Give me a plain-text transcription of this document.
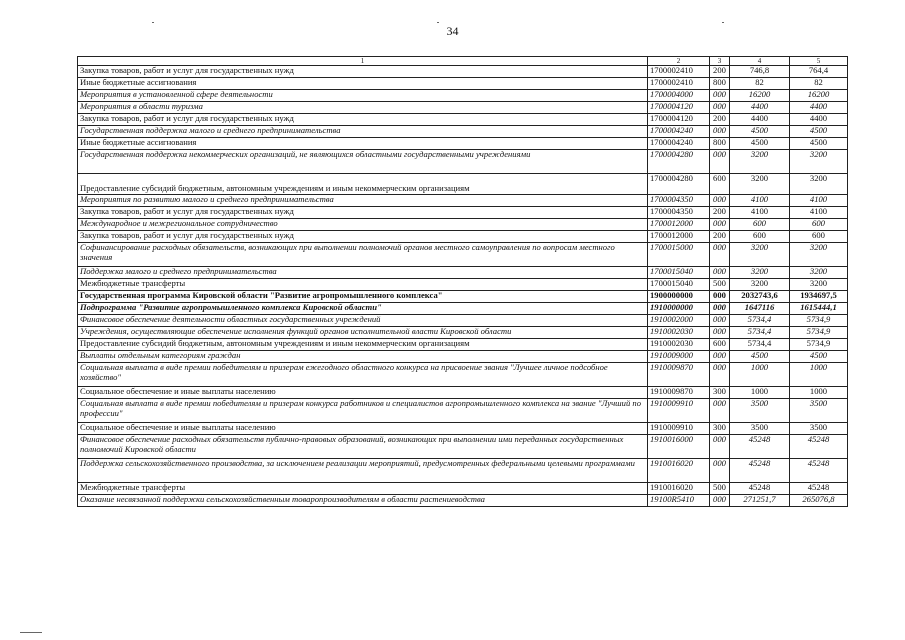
34
1	2	3	4	5
Закупка товаров, работ и услуг для государственных нужд	1700002410	200	746,8	764,4
Иные бюджетные ассигнования	1700002410	800	82	82
Мероприятия в установленной сфере деятельности	1700004000	000	16200	16200
Мероприятия в области туризма	1700004120	000	4400	4400
Закупка товаров, работ и услуг для государственных нужд	1700004120	200	4400	4400
Государственная поддержка малого и среднего предпринимательства	1700004240	000	4500	4500
Иные бюджетные ассигнования	1700004240	800	4500	4500
Государственная поддержка некоммерческих организаций, не являющихся областными государственными учреждениями	1700004280	000	3200	3200
Предоставление субсидий бюджетным, автономным учреждениям и иным некоммерческим организациям	1700004280	600	3200	3200
Мероприятия по развитию малого и среднего предпринимательства	1700004350	000	4100	4100
Закупка товаров, работ и услуг для государственных нужд	1700004350	200	4100	4100
Международное и межрегиональное сотрудничество	1700012000	000	600	600
Закупка товаров, работ и услуг для государственных нужд	1700012000	200	600	600
Софинансирование расходных обязательств, возникающих при выполнении полномочий органов местного самоуправления по вопросам местного значения	1700015000	000	3200	3200
Поддержка малого и среднего предпринимательства	1700015040	000	3200	3200
Межбюджетные трансферты	1700015040	500	3200	3200
Государственная программа Кировской области "Развитие агропромышленного комплекса"	1900000000	000	2032743,6	1934697,5
Подпрограмма "Развитие агропромышленного комплекса Кировской области"	1910000000	000	1647116	1615444,1
Финансовое обеспечение деятельности областных государственных учреждений	1910002000	000	5734,4	5734,9
Учреждения, осуществляющие обеспечение исполнения функций органов исполнительной власти Кировской области	1910002030	000	5734,4	5734,9
Предоставление субсидий бюджетным, автономным учреждениям и иным некоммерческим организациям	1910002030	600	5734,4	5734,9
Выплаты отдельным категориям граждан	1910009000	000	4500	4500
Социальная выплата в виде премии победителям и призерам ежегодного областного конкурса на присвоение звания "Лучшее личное подсобное хозяйство"	1910009870	000	1000	1000
Социальное обеспечение и иные выплаты населению	1910009870	300	1000	1000
Социальная выплата в виде премии победителям и призерам конкурса работников и специалистов агропромышленного комплекса на звание "Лучший по профессии"	1910009910	000	3500	3500
Социальное обеспечение и иные выплаты населению	1910009910	300	3500	3500
Финансовое обеспечение расходных обязательств публично-правовых образований, возникающих при выполнении ими переданных государственных полномочий Кировской области	1910016000	000	45248	45248
Поддержка сельскохозяйственного производства, за исключением реализации мероприятий, предусмотренных федеральными целевыми программами	1910016020	000	45248	45248
Межбюджетные трансферты	1910016020	500	45248	45248
Оказание несвязанной поддержки сельскохозяйственным товаропроизводителям в области растениеводства	19100R5410	000	271251,7	265076,8
